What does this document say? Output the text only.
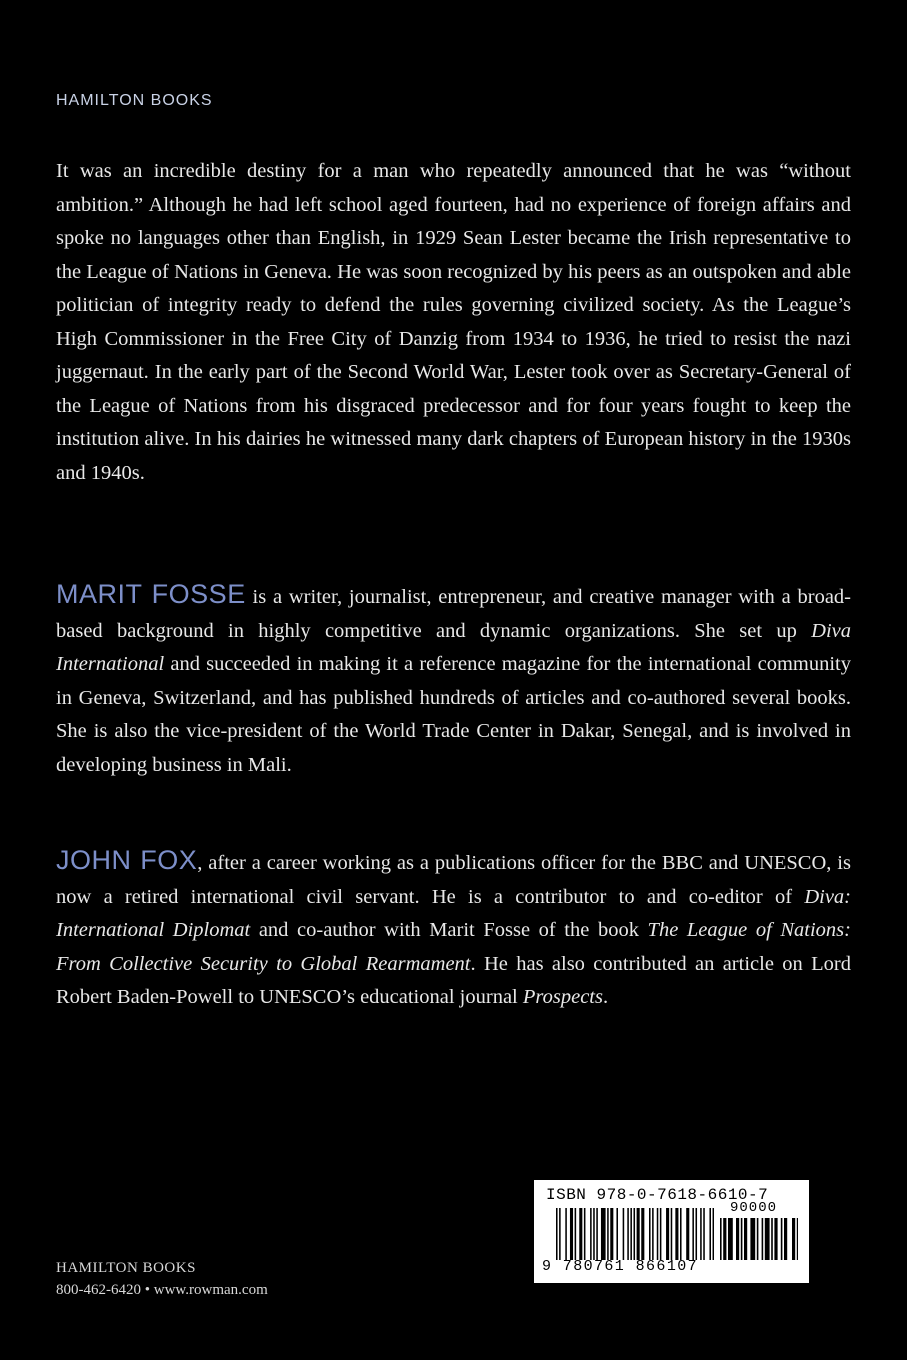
HAMILTON BOOKS
It was an incredible destiny for a man who repeatedly announced that he was “without ambition.” Although he had left school aged fourteen, had no experience of foreign affairs and spoke no languages other than English, in 1929 Sean Lester became the Irish representative to the League of Nations in Geneva. He was soon recognized by his peers as an outspoken and able politician of integrity ready to defend the rules governing civilized society. As the League’s High Commissioner in the Free City of Danzig from 1934 to 1936, he tried to resist the nazi juggernaut. In the early part of the Second World War, Lester took over as Secretary-General of the League of Nations from his disgraced predecessor and for four years fought to keep the institution alive. In his dairies he witnessed many dark chapters of European history in the 1930s and 1940s.
MARIT FOSSE is a writer, journalist, entrepreneur, and creative manager with a broad-based background in highly competitive and dynamic organizations. She set up Diva International and succeeded in making it a reference magazine for the international community in Geneva, Switzerland, and has published hundreds of articles and co-authored several books. She is also the vice-president of the World Trade Center in Dakar, Senegal, and is involved in developing business in Mali.
JOHN FOX, after a career working as a publications officer for the BBC and UNESCO, is now a retired international civil servant. He is a contributor to and co-editor of Diva: International Diplomat and co-author with Marit Fosse of the book The League of Nations: From Collective Security to Global Rearmament. He has also contributed an article on Lord Robert Baden-Powell to UNESCO’s educational journal Prospects.
HAMILTON BOOKS
800-462-6420 • www.rowman.com
ISBN 978-0-7618-6610-7
90000
9 780761 866107
